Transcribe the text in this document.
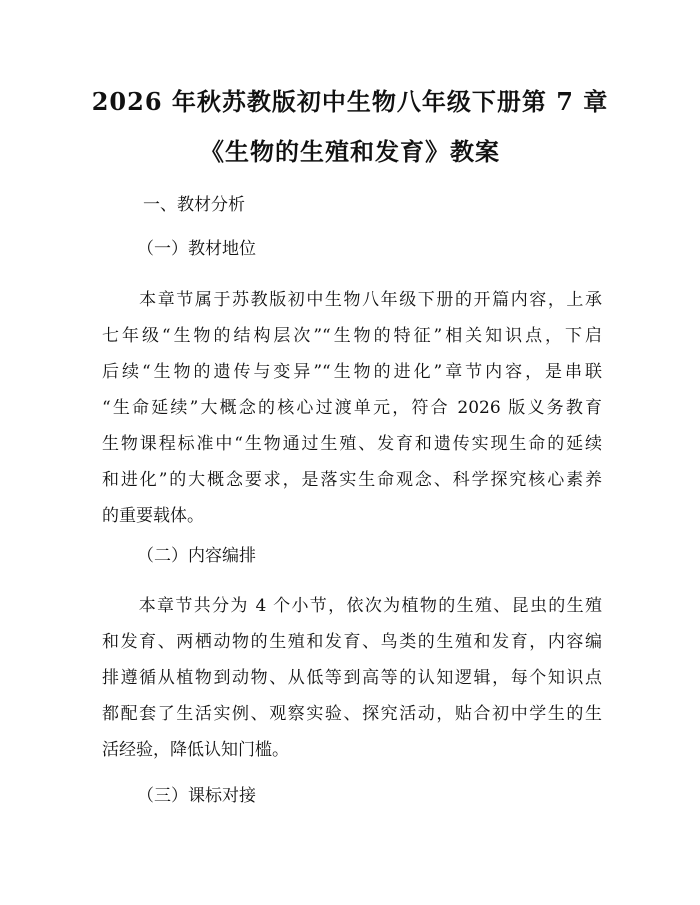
2026 年秋苏教版初中生物八年级下册第 7 章
《生物的生殖和发育》教案
一、教材分析
（一）教材地位
　　本章节属于苏教版初中生物八年级下册的开篇内容，上承
七年级“生物的结构层次”“生物的特征”相关知识点，下启
后续“生物的遗传与变异”“生物的进化”章节内容，是串联
“生命延续”大概念的核心过渡单元，符合 2026 版义务教育
生物课程标准中“生物通过生殖、发育和遗传实现生命的延续
和进化”的大概念要求，是落实生命观念、科学探究核心素养
的重要载体。
（二）内容编排
　　本章节共分为 4 个小节，依次为植物的生殖、昆虫的生殖
和发育、两栖动物的生殖和发育、鸟类的生殖和发育，内容编
排遵循从植物到动物、从低等到高等的认知逻辑，每个知识点
都配套了生活实例、观察实验、探究活动，贴合初中学生的生
活经验，降低认知门槛。
（三）课标对接
